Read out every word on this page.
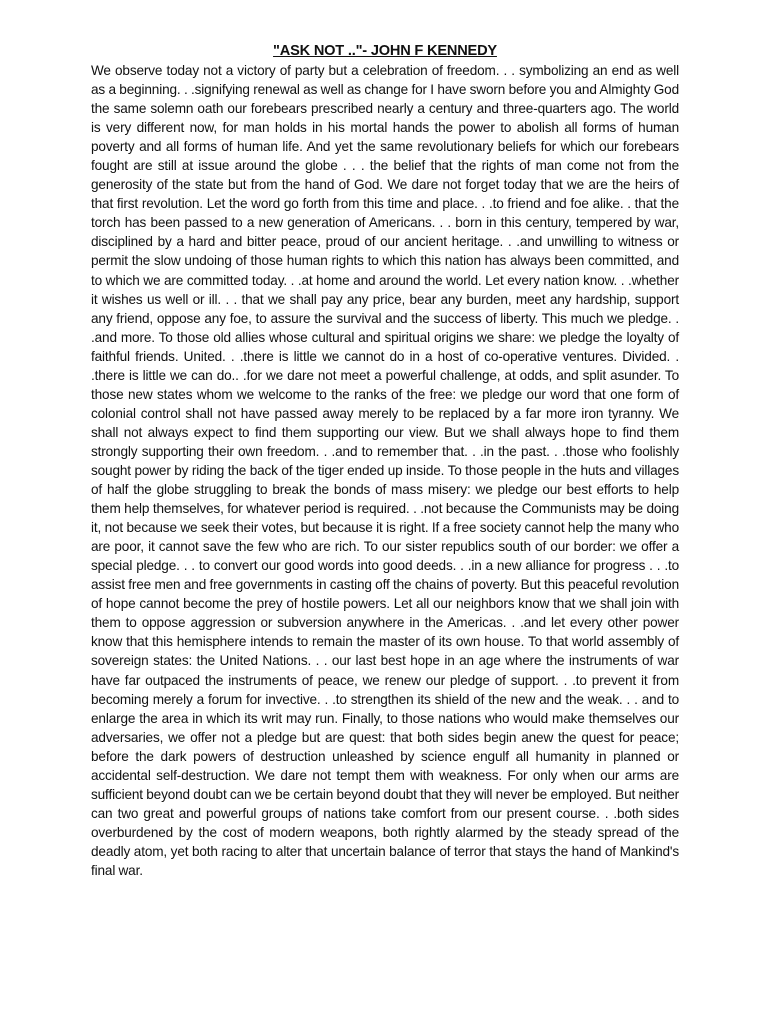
"ASK NOT .."- JOHN F KENNEDY

We observe today not a victory of party but a celebration of freedom. . . symbolizing an end as well as a beginning. . .signifying renewal as well as change for I have sworn before you and Almighty God the same solemn oath our forebears prescribed nearly a century and three-quarters ago. The world is very different now, for man holds in his mortal hands the power to abolish all forms of human poverty and all forms of human life. And yet the same revolutionary beliefs for which our forebears fought are still at issue around the globe . . . the belief that the rights of man come not from the generosity of the state but from the hand of God. We dare not forget today that we are the heirs of that first revolution. Let the word go forth from this time and place. . .to friend and foe alike. . that the torch has been passed to a new generation of Americans. . . born in this century, tempered by war, disciplined by a hard and bitter peace, proud of our ancient heritage. . .and unwilling to witness or permit the slow undoing of those human rights to which this nation has always been committed, and to which we are committed today. . .at home and around the world. Let every nation know. . .whether it wishes us well or ill. . . that we shall pay any price, bear any burden, meet any hardship, support any friend, oppose any foe, to assure the survival and the success of liberty. This much we pledge. . .and more. To those old allies whose cultural and spiritual origins we share: we pledge the loyalty of faithful friends. United. . .there is little we cannot do in a host of co-operative ventures. Divided. . .there is little we can do.. .for we dare not meet a powerful challenge, at odds, and split asunder. To those new states whom we welcome to the ranks of the free: we pledge our word that one form of colonial control shall not have passed away merely to be replaced by a far more iron tyranny. We shall not always expect to find them supporting our view. But we shall always hope to find them strongly supporting their own freedom. . .and to remember that. . .in the past. . .those who foolishly sought power by riding the back of the tiger ended up inside. To those people in the huts and villages of half the globe struggling to break the bonds of mass misery: we pledge our best efforts to help them help themselves, for whatever period is required. . .not because the Communists may be doing it, not because we seek their votes, but because it is right. If a free society cannot help the many who are poor, it cannot save the few who are rich. To our sister republics south of our border: we offer a special pledge. . . to convert our good words into good deeds. . .in a new alliance for progress . . .to assist free men and free governments in casting off the chains of poverty. But this peaceful revolution of hope cannot become the prey of hostile powers. Let all our neighbors know that we shall join with them to oppose aggression or subversion anywhere in the Americas. . .and let every other power know that this hemisphere intends to remain the master of its own house. To that world assembly of sovereign states: the United Nations. . . our last best hope in an age where the instruments of war have far outpaced the instruments of peace, we renew our pledge of support. . .to prevent it from becoming merely a forum for invective. . .to strengthen its shield of the new and the weak. . . and to enlarge the area in which its writ may run. Finally, to those nations who would make themselves our adversaries, we offer not a pledge but are quest: that both sides begin anew the quest for peace; before the dark powers of destruction unleashed by science engulf all humanity in planned or accidental self-destruction. We dare not tempt them with weakness. For only when our arms are sufficient beyond doubt can we be certain beyond doubt that they will never be employed. But neither can two great and powerful groups of nations take comfort from our present course. . .both sides overburdened by the cost of modern weapons, both rightly alarmed by the steady spread of the deadly atom, yet both racing to alter that uncertain balance of terror that stays the hand of Mankind's final war.
